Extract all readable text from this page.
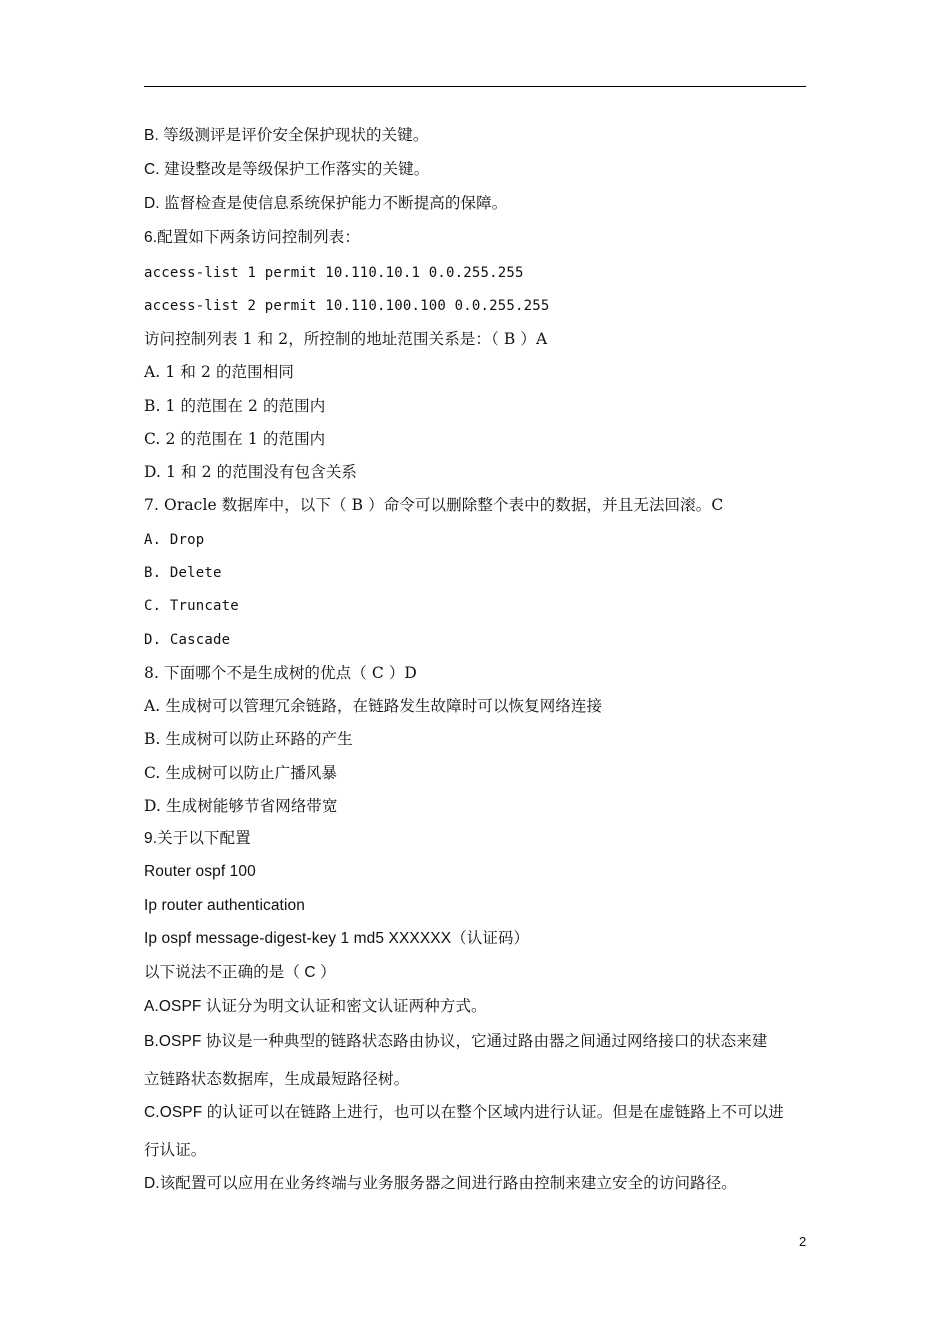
B. 等级测评是评价安全保护现状的关键。
C. 建设整改是等级保护工作落实的关键。
D. 监督检查是使信息系统保护能力不断提高的保障。
6.配置如下两条访问控制列表：
access-list 1 permit 10.110.10.1 0.0.255.255
access-list 2 permit 10.110.100.100 0.0.255.255
访问控制列表 1 和 2，所控制的地址范围关系是：（ B ）A
A. 1 和 2 的范围相同
B. 1 的范围在 2 的范围内
C. 2 的范围在 1 的范围内
D. 1 和 2 的范围没有包含关系
7. Oracle 数据库中，以下（ B ）命令可以删除整个表中的数据，并且无法回滚。C
A. Drop
B. Delete
C. Truncate
D. Cascade
8. 下面哪个不是生成树的优点（ C ）D
A. 生成树可以管理冗余链路，在链路发生故障时可以恢复网络连接
B. 生成树可以防止环路的产生
C. 生成树可以防止广播风暴
D. 生成树能够节省网络带宽
9.关于以下配置
Router ospf 100
Ip router authentication
Ip ospf message-digest-key 1 md5 XXXXXX（认证码）
以下说法不正确的是（ C ）
A.OSPF 认证分为明文认证和密文认证两种方式。
B.OSPF 协议是一种典型的链路状态路由协议，它通过路由器之间通过网络接口的状态来建
立链路状态数据库，生成最短路径树。
C.OSPF 的认证可以在链路上进行，也可以在整个区域内进行认证。但是在虚链路上不可以进
行认证。
D.该配置可以应用在业务终端与业务服务器之间进行路由控制来建立安全的访问路径。
2
